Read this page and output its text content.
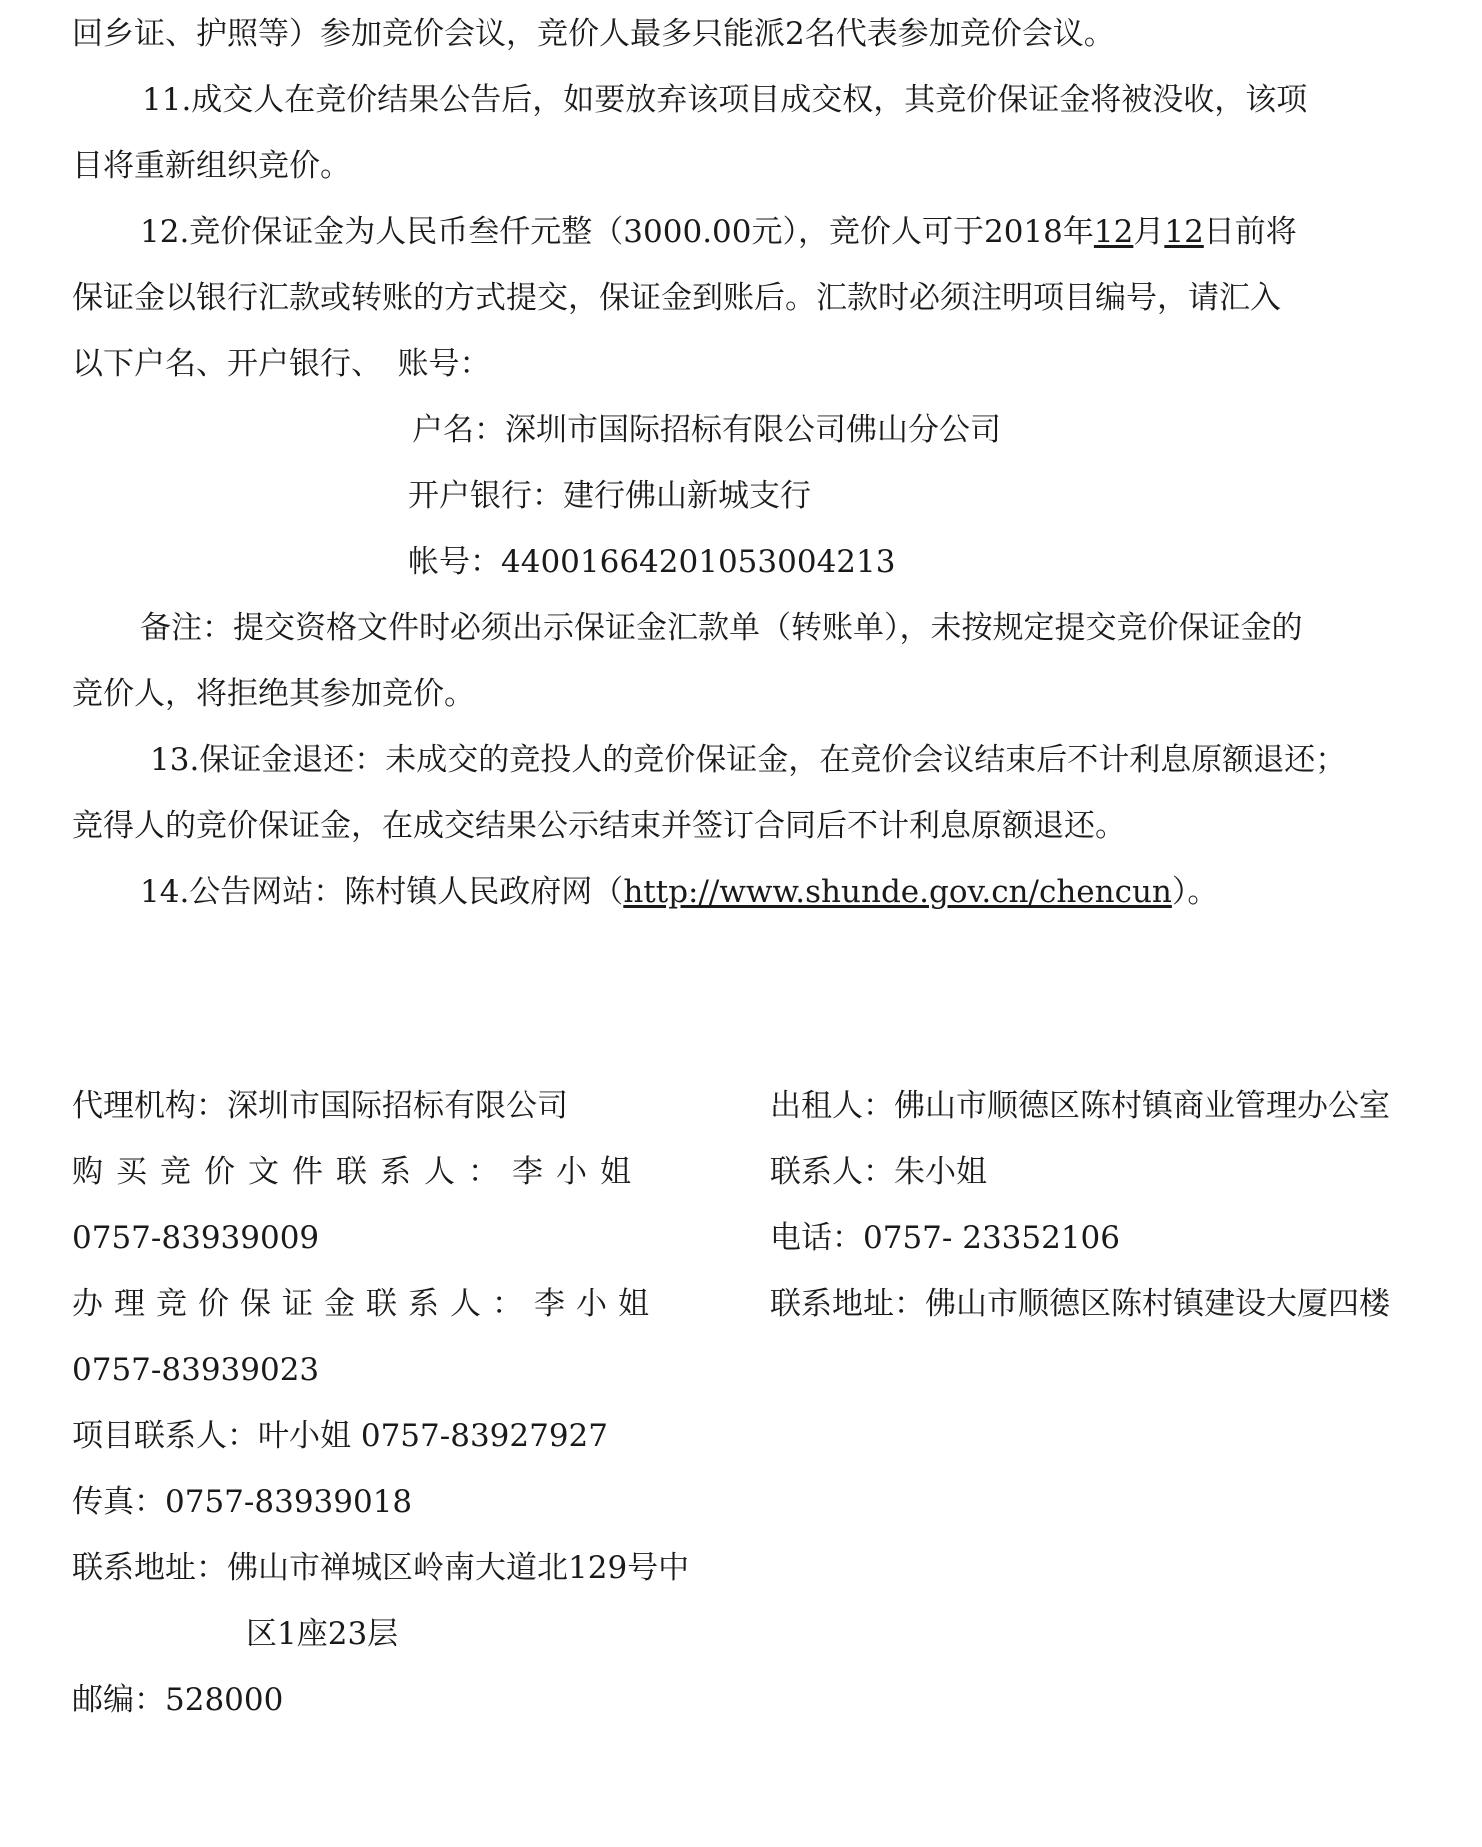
回乡证、护照等）参加竞价会议，竞价人最多只能派2名代表参加竞价会议。
11.成交人在竞价结果公告后，如要放弃该项目成交权，其竞价保证金将被没收，该项
目将重新组织竞价。
12.竞价保证金为人民币叁仟元整（3000.00元），竞价人可于2018年12月12日前将
保证金以银行汇款或转账的方式提交，保证金到账后。汇款时必须注明项目编号，请汇入
以下户名、开户银行、　账号：
户名：深圳市国际招标有限公司佛山分公司
开户银行：建行佛山新城支行
帐号：44001664201053004213
备注：提交资格文件时必须出示保证金汇款单（转账单），未按规定提交竞价保证金的
竞价人，将拒绝其参加竞价。
13.保证金退还：未成交的竞投人的竞价保证金，在竞价会议结束后不计利息原额退还；
竞得人的竞价保证金，在成交结果公示结束并签订合同后不计利息原额退还。
14.公告网站：陈村镇人民政府网（http://www.shunde.gov.cn/chencun）。
代理机构：深圳市国际招标有限公司
购买竞价文件联系人：李小姐
0757-83939009
办理竞价保证金联系人：李小姐
0757-83939023
项目联系人：叶小姐 0757-83927927
传真：0757-83939018
联系地址：佛山市禅城区岭南大道北129号中
区1座23层
邮编：528000
出租人：佛山市顺德区陈村镇商业管理办公室
联系人：朱小姐
电话：0757- 23352106
联系地址：佛山市顺德区陈村镇建设大厦四楼
